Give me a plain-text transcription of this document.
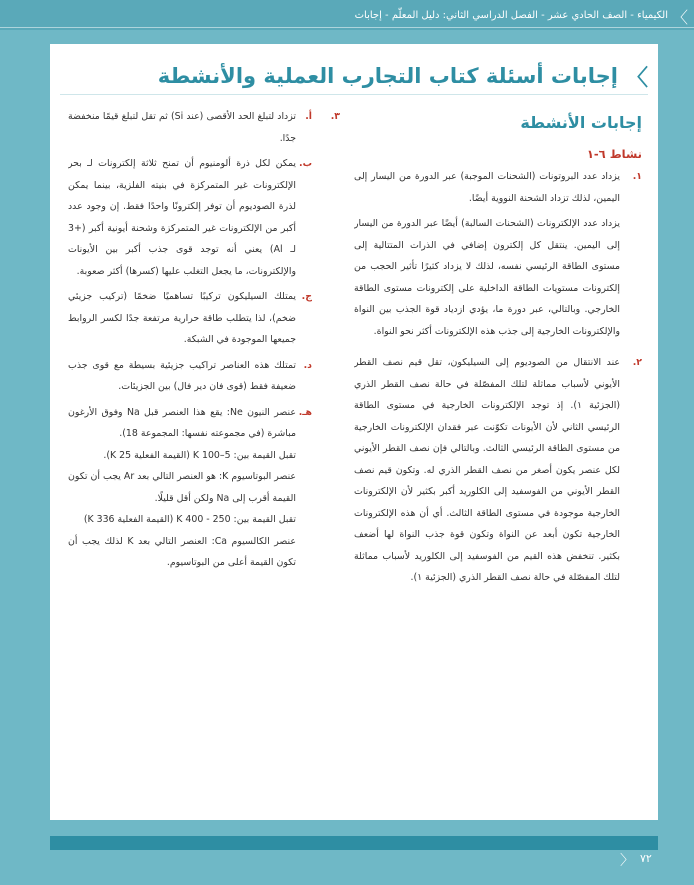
〉
الكيمياء - الصف الحادي عشر - الفصل الدراسي الثاني: دليل المعلّم - إجابات
〉
إجابات أسئلة كتاب التجارب العملية والأنشطة
إجابات الأنشطة
نشاط ٦-١
١.

يزداد عدد البروتونات (الشحنات الموجبة) عبر الدورة من اليسار إلى اليمين، لذلك تزداد الشحنة النووية أيضًا.

يزداد عدد الإلكترونات (الشحنات السالبة) أيضًا عبر الدورة من اليسار إلى اليمين. ينتقل كل إلكترون إضافي في الذرات المتتالية إلى مستوى الطاقة الرئيسي نفسه، لذلك لا يزداد كثيرًا تأثير الحجب من إلكترونات مستويات الطاقة الداخلية على إلكترونات مستوى الطاقة الخارجي. وبالتالي، عبر دورة ما، يؤدي ازدياد قوة الجذب بين النواة والإلكترونات الخارجية إلى جذب هذه الإلكترونات أكثر نحو النواة.

٢.

عند الانتقال من الصوديوم إلى السيليكون، تقل قيم نصف القطر الأيوني لأسباب مماثلة لتلك المفصّلة في حالة نصف القطر الذري (الجزئية ١). إذ توجد الإلكترونات الخارجية في مستوى الطاقة الرئيسي الثاني لأن الأيونات تكوّنت عبر فقدان الإلكترونات الخارجية من مستوى الطاقة الرئيسي الثالث. وبالتالي فإن نصف القطر الأيوني لكل عنصر يكون أصغر من نصف القطر الذري له. وتكون قيم نصف القطر الأيوني من الفوسفيد إلى الكلوريد أكبر بكثير لأن الإلكترونات الخارجية موجودة في مستوى الطاقة الثالث. أي أن هذه الإلكترونات الخارجية تكون أبعد عن النواة وتكون قوة جذب النواة لها أضعف بكثير. تنخفض هذه القيم من الفوسفيد إلى الكلوريد لأسباب مماثلة لتلك المفصّلة في حالة نصف القطر الذري (الجزئية ١).

٣.
أ.
تزداد لتبلغ الحد الأقصى (عند Si) ثم تقل لتبلغ قيمًا منخفضة جدًا.
ب.
يمكن لكل ذرة ألومنيوم أن تمنح ثلاثة إلكترونات لـ بحر الإلكترونات غير المتمركزة في بنيته الفلزية، بينما يمكن لذرة الصوديوم أن توفر إلكترونًا واحدًا فقط. إن وجود عدد أكبر من الإلكترونات غير المتمركزة وشحنة أيونية أكبر (+3 لـ Al) يعني أنه توجد قوى جذب أكبر بين الأيونات والإلكترونات، ما يجعل التغلب عليها (كسرها) أكثر صعوبة.
ج.
يمتلك السيليكون تركيبًا تساهميًا ضخمًا (تركيب جزيئي ضخم)، لذا يتطلب طاقة حرارية مرتفعة جدًا لكسر الروابط جميعها الموجودة في الشبكة.
د.
تمتلك هذه العناصر تراكيب جزيئية بسيطة مع قوى جذب ضعيفة فقط (قوى فان دير فال) بين الجزيئات.
هـ.

عنصر النيون Ne: يقع هذا العنصر قبل Na وفوق الأرغون مباشرة (في مجموعته نفسها: المجموعة 18).

تقبل القيمة بين: K 100–5 (القيمة الفعلية 25 K).

عنصر البوتاسيوم K: هو العنصر التالي بعد Ar يجب أن تكون القيمة أقرب إلى Na ولكن أقل قليلًا.

تقبل القيمة بين: K 400 - 250 (القيمة الفعلية 336 K)

عنصر الكالسيوم Ca: العنصر التالي بعد K لذلك يجب أن تكون القيمة أعلى من البوتاسيوم.

〈 ٧٢
